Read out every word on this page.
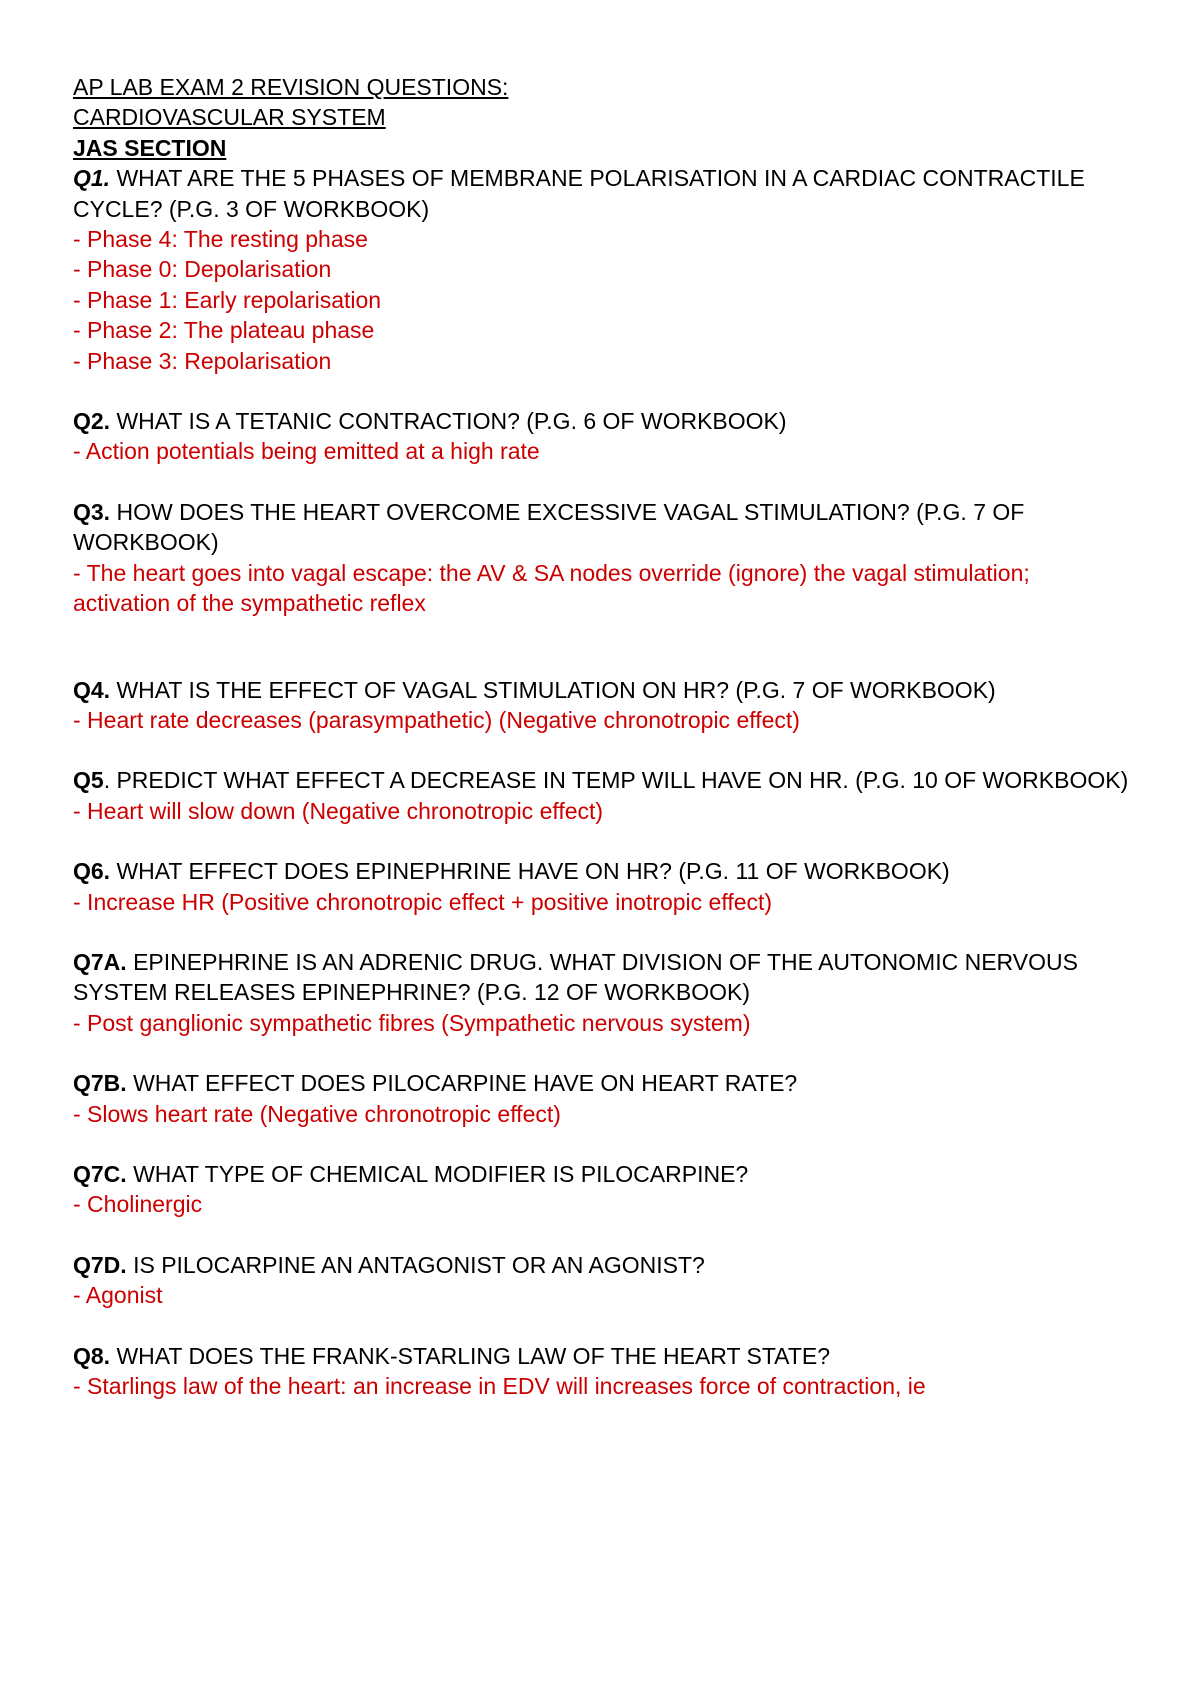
AP LAB EXAM 2 REVISION QUESTIONS:

CARDIOVASCULAR SYSTEM

JAS SECTION

Q1. WHAT ARE THE 5 PHASES OF MEMBRANE POLARISATION IN A CARDIAC CONTRACTILE CYCLE? (P.G. 3 OF WORKBOOK)

- Phase 4: The resting phase

- Phase 0: Depolarisation

- Phase 1: Early repolarisation

- Phase 2: The plateau phase

- Phase 3: Repolarisation

Q2. WHAT IS A TETANIC CONTRACTION? (P.G. 6 OF WORKBOOK)

- Action potentials being emitted at a high rate

Q3. HOW DOES THE HEART OVERCOME EXCESSIVE VAGAL STIMULATION? (P.G. 7 OF WORKBOOK)

- The heart goes into vagal escape: the AV & SA nodes override (ignore) the vagal stimulation; activation of the sympathetic reflex

Q4. WHAT IS THE EFFECT OF VAGAL STIMULATION ON HR? (P.G. 7 OF WORKBOOK)

- Heart rate decreases (parasympathetic) (Negative chronotropic effect)

Q5. PREDICT WHAT EFFECT A DECREASE IN TEMP WILL HAVE ON HR. (P.G. 10 OF WORKBOOK)

- Heart will slow down (Negative chronotropic effect)

Q6. WHAT EFFECT DOES EPINEPHRINE HAVE ON HR? (P.G. 11 OF WORKBOOK)

- Increase HR (Positive chronotropic effect + positive inotropic effect)

Q7A. EPINEPHRINE IS AN ADRENIC DRUG. WHAT DIVISION OF THE AUTONOMIC NERVOUS SYSTEM RELEASES EPINEPHRINE? (P.G. 12 OF WORKBOOK)

- Post ganglionic sympathetic fibres (Sympathetic nervous system)

Q7B. WHAT EFFECT DOES PILOCARPINE HAVE ON HEART RATE?

- Slows heart rate (Negative chronotropic effect)

Q7C. WHAT TYPE OF CHEMICAL MODIFIER IS PILOCARPINE?

- Cholinergic

Q7D. IS PILOCARPINE AN ANTAGONIST OR AN AGONIST?

- Agonist

Q8. WHAT DOES THE FRANK-STARLING LAW OF THE HEART STATE?

- Starlings law of the heart: an increase in EDV will increases force of contraction, ie
